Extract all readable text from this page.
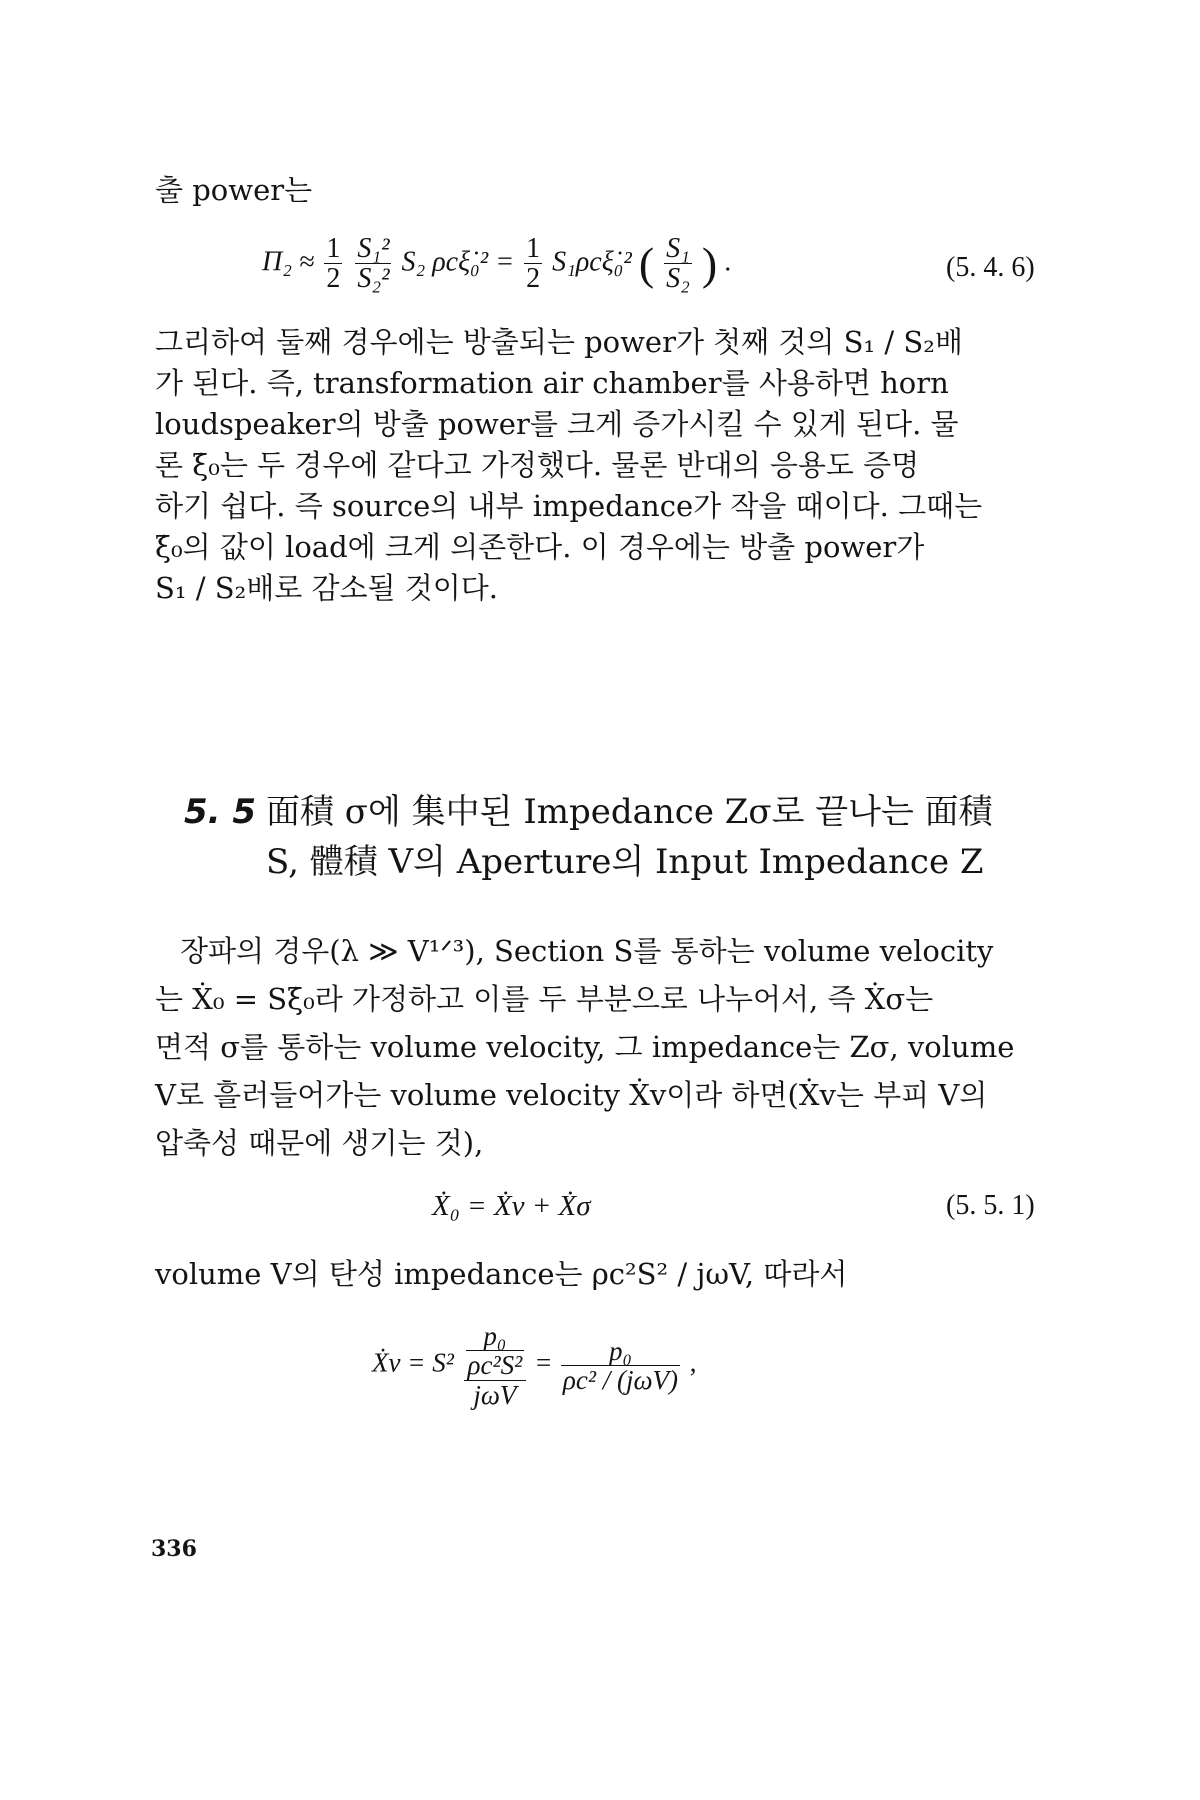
출 power는
$\Pi_2 \approx \frac{1}{2}$
$\frac{\text{S₁²}}{\text{S₂²}} S_2$ ρcξ̇₀² = $\frac{1}{2}$ S₁ρcξ̇₀² ( $\frac{\text{S₁}}{\text{S₂}}$ ) .	(5. 4. 6)
그리하여 둘째 경우에는 방출되는 power가 첫째 것의 S₁ / S₂배
가 된다. 즉, transformation air chamber를 사용하면 horn
loudspeaker의 방출 power를 크게 증가시킬 수 있게 된다. 물
론 ξ̇₀는 두 경우에 같다고 가정했다. 물론 반대의 응용도 증명
하기 쉽다. 즉 source의 내부 impedance가 작을 때이다. 그때는
ξ̇₀의 값이 load에 크게 의존한다. 이 경우에는 방출 power가
S₁ / S₂배로 감소될 것이다.
5. 5 面積 σ에 集中된 Impedance Zσ로 끝나는 面積
S, 體積 V의 Aperture의 Input Impedance Z
장파의 경우(λ ≫ V¹ᐟ³), Section S를 통하는 volume velocity
는 Ẋ₀ = Sξ̇₀라 가정하고 이를 두 부분으로 나누어서, 즉 Ẋσ는
면적 σ를 통하는 volume velocity, 그 impedance는 Zσ, volume
V로 흘러들어가는 volume velocity Ẋv이라 하면(Ẋv는 부피 V의
압축성 때문에 생기는 것),
Ẋ₀ = Ẋv + Ẋσ	(5. 5. 1)
volume V의 탄성 impedance는 ρc²S² / jωV, 따라서
Ẋv = $S^2 \frac{\frac{\text{p₀}}{\text{ρc²S²}}}{\text{jωV}} = \frac{\text{p₀}}{\text{ρc² / (jωV)}}$ ,
336
